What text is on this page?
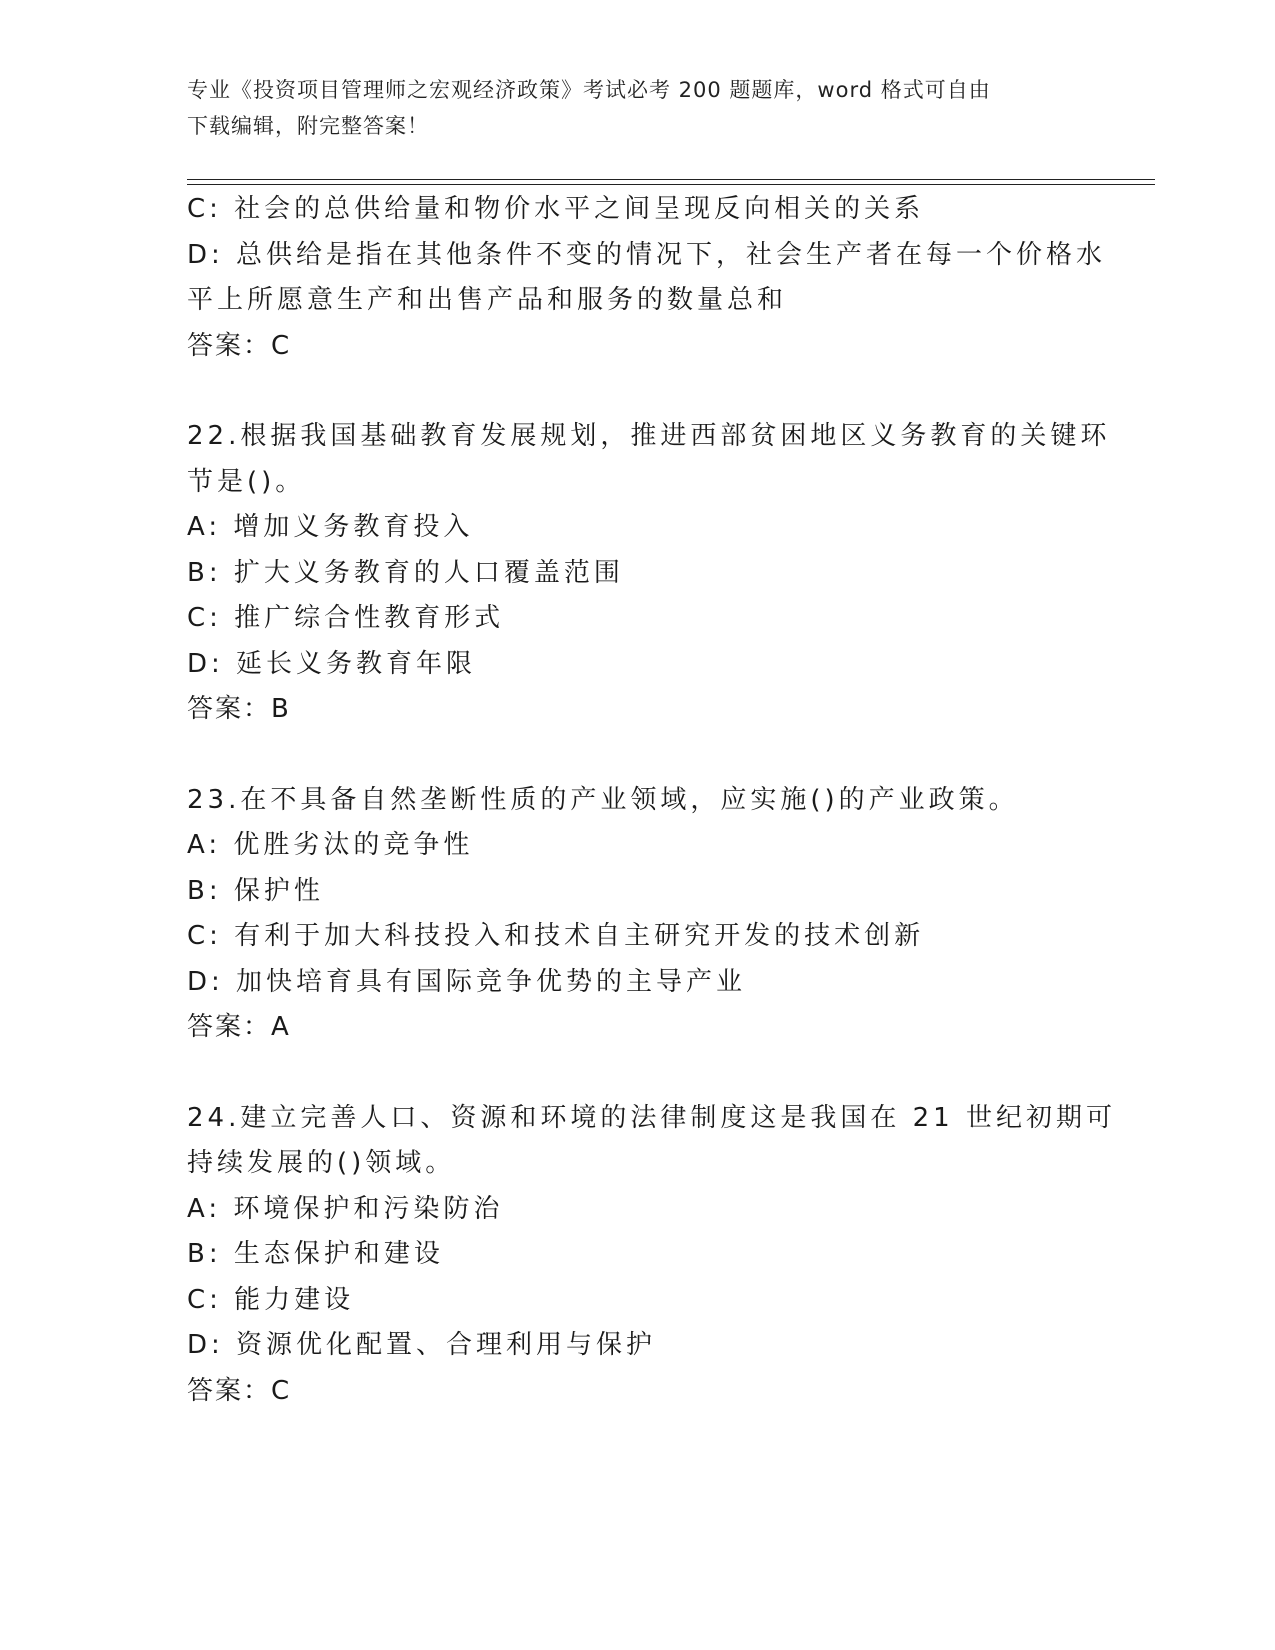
专业《投资项目管理师之宏观经济政策》考试必考 200 题题库，word 格式可自由
下载编辑，附完整答案！
C: 社会的总供给量和物价水平之间呈现反向相关的关系
D: 总供给是指在其他条件不变的情况下，社会生产者在每一个价格水
平上所愿意生产和出售产品和服务的数量总和
答案：C
22.根据我国基础教育发展规划，推进西部贫困地区义务教育的关键环
节是()。
A: 增加义务教育投入
B: 扩大义务教育的人口覆盖范围
C: 推广综合性教育形式
D: 延长义务教育年限
答案：B
23.在不具备自然垄断性质的产业领域，应实施()的产业政策。
A: 优胜劣汰的竞争性
B: 保护性
C: 有利于加大科技投入和技术自主研究开发的技术创新
D: 加快培育具有国际竞争优势的主导产业
答案：A
24.建立完善人口、资源和环境的法律制度这是我国在 21 世纪初期可
持续发展的()领域。
A: 环境保护和污染防治
B: 生态保护和建设
C: 能力建设
D: 资源优化配置、合理利用与保护
答案：C
